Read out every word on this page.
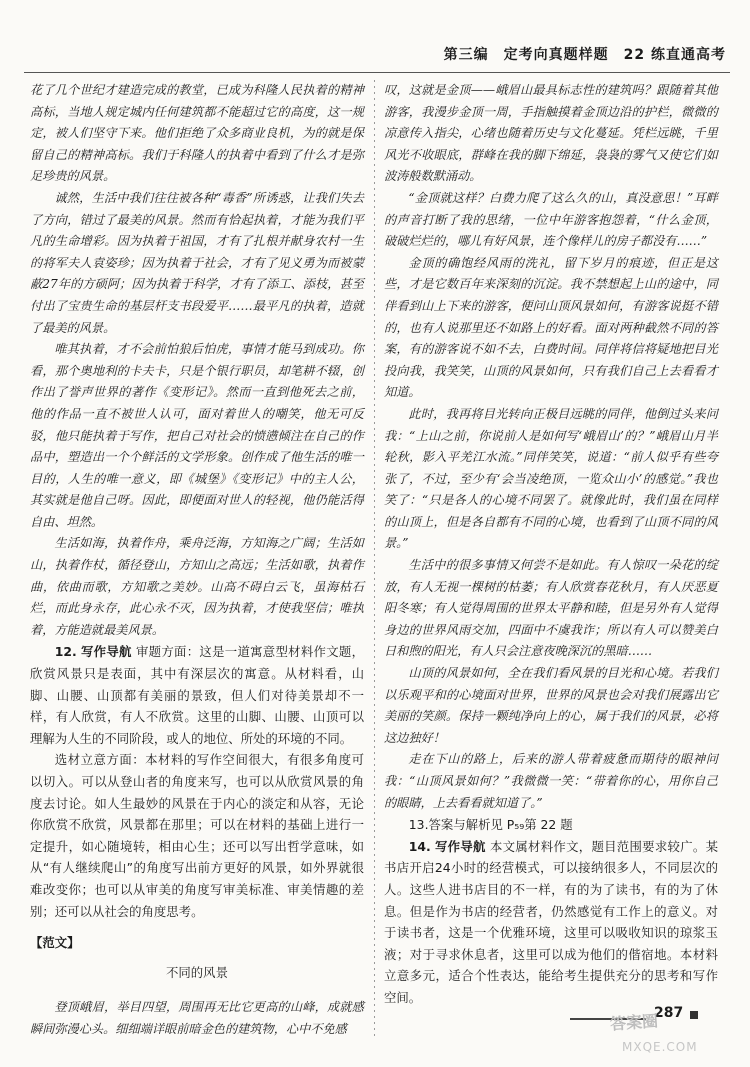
第三编　定考向真题样题　22 练直通高考

花了几个世纪才建造完成的教堂，已成为科隆人民执着的精神高标，当地人规定城内任何建筑都不能超过它的高度，这一规定，被人们坚守下来。他们拒绝了众多商业良机，为的就是保留自己的精神高标。我们于科隆人的执着中看到了什么才是弥足珍贵的风景。

诚然，生活中我们往往被各种“毒香”所诱惑，让我们失去了方向，错过了最美的风景。然而有恰起执着，才能为我们平凡的生命增彩。因为执着于祖国，才有了扎根并献身农村一生的将军夫人袁姿珍；因为执着于社会，才有了见义勇为而被蒙蔽27年的方硕阿；因为执着于科学，才有了添工、添枝，甚至付出了宝贵生命的基层杆支书段爱平……最平凡的执着，造就了最美的风景。

唯其执着，才不会前怕狼后怕虎，事情才能马到成功。你看，那个奥地利的卡夫卡，只是个银行职员，却笔耕不辍，创作出了誉声世界的著作《变形记》。然而一直到他死去之前，他的作品一直不被世人认可，面对着世人的嘲笑，他无可反驳，他只能执着于写作，把自己对社会的愤懑倾注在自己的作品中，塑造出一个个鲜活的文学形象。创作成了他生活的唯一目的，人生的唯一意义，即《城堡》《变形记》中的主人公，其实就是他自己呀。因此，即便面对世人的轻视，他仍能活得自由、坦然。

生活如海，执着作舟，乘舟泛海，方知海之广阔；生活如山，执着作杖，循径登山，方知山之高远；生活如歌，执着作曲，依曲而歌，方知歌之美妙。山高不碍白云飞，虽海枯石烂，而此身永存，此心永不灭，因为执着，才使我坚信；唯执着，方能造就最美风景。

12. 写作导航 审题方面：这是一道寓意型材料作文题，欣赏风景只是表面，其中有深层次的寓意。从材料看，山脚、山腰、山顶都有美丽的景致，但人们对待美景却不一样，有人欣赏，有人不欣赏。这里的山脚、山腰、山顶可以理解为人生的不同阶段，或人的地位、所处的环境的不同。

选材立意方面：本材料的写作空间很大，有很多角度可以切入。可以从登山者的角度来写，也可以从欣赏风景的角度去讨论。如人生最妙的风景在于内心的淡定和从容，无论你欣赏不欣赏，风景都在那里；可以在材料的基础上进行一定提升，如心随境转，相由心生；还可以写出哲学意味，如从“有人继续爬山”的角度写出前方更好的风景，如外界就很难改变你；也可以从审美的角度写审美标准、审美情趣的差别；还可以从社会的角度思考。

【范文】
不同的风景

登顶峨眉，举目四望，周围再无比它更高的山峰，成就感瞬间弥漫心头。细细端详眼前暗金色的建筑物，心中不免感

叹，这就是金顶——峨眉山最具标志性的建筑吗？跟随着其他游客，我漫步金顶一周，手指触摸着金顶边沿的护栏，微微的凉意传入指尖，心绪也随着历史与文化蔓延。凭栏远眺，千里风光不收眼底，群峰在我的脚下绵延，袅袅的雾气又使它们如波涛般数默涌动。

“金顶就这样？白费力爬了这么久的山，真没意思！”耳畔的声音打断了我的思绪，一位中年游客抱怨着，“什么金顶，破破烂烂的，哪儿有好风景，连个像样儿的房子都没有……”

金顶的确饱经风雨的洗礼，留下岁月的痕迹，但正是这些，才是它数百年来深刻的沉淀。我不禁想起上山的途中，同伴看到山上下来的游客，便问山顶风景如何，有游客说挺不错的，也有人说那里还不如路上的好看。面对两种截然不同的答案，有的游客说不如不去，白费时间。同伴将信将疑地把目光投向我，我笑笑，山顶的风景如何，只有我们自己上去看看才知道。

此时，我再将目光转向正极目远眺的同伴，他倒过头来问我：“上山之前，你说前人是如何写‘峨眉山’的？”峨眉山月半轮秋，影入平羌江水流。”同伴笑笑，说道：“前人似乎有些夸张了，不过，至少有‘会当凌绝顶，一览众山小’的感觉。”我也笑了：“只是各人的心境不同罢了。就像此时，我们虽在同样的山顶上，但是各自都有不同的心境，也看到了山顶不同的风景。”

生活中的很多事情又何尝不是如此。有人惊叹一朵花的绽放，有人无视一棵树的枯萎；有人欣赏春花秋月，有人厌恶夏阳冬寒；有人觉得周围的世界太平静和睦，但是另外有人觉得身边的世界风雨交加，四面中不虞我诈；所以有人可以赞美白日和煦的阳光，有人只会注意夜晚深沉的黑暗……

山顶的风景如何，全在我们看风景的目光和心境。若我们以乐观平和的心境面对世界，世界的风景也会对我们展露出它美丽的笑颜。保持一颗纯净向上的心，属于我们的风景，必将这边独好！

走在下山的路上，后来的游人带着疲惫而期待的眼神问我：“山顶风景如何？”我微微一笑：“带着你的心，用你自己的眼睛，上去看看就知道了。”

13.答案与解析见 P₅₉第 22 题

14. 写作导航 本文属材料作文，题目范围要求较广。某书店开启24小时的经营模式，可以接纳很多人，不同层次的人。这些人进书店目的不一样，有的为了读书，有的为了休息。但是作为书店的经营者，仍然感觉有工作上的意义。对于读书者，这是一个优雅环境，这里可以吸收知识的琼浆玉液；对于寻求休息者，这里可以成为他们的偕宿地。本材料立意多元，适合个性表达，能给考生提供充分的思考和写作空间。

287
答案圈
MXQE.COM
